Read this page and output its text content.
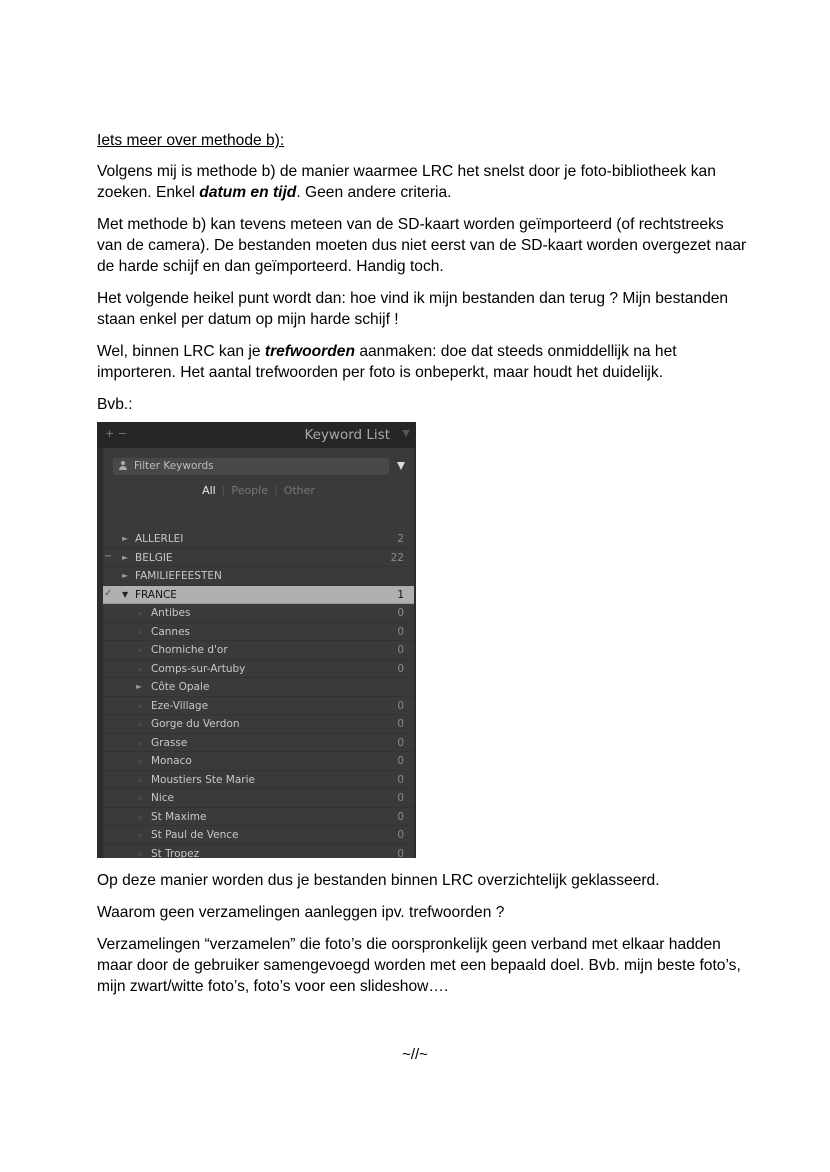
Iets meer over methode b):

Volgens mij is methode b) de manier waarmee LRC het snelst door je foto-bibliotheek kan zoeken. Enkel datum en tijd. Geen andere criteria.

Met methode b) kan tevens meteen van de SD-kaart worden geïmporteerd (of rechtstreeks van de camera). De bestanden moeten dus niet eerst van de SD-kaart worden overgezet naar de harde schijf en dan geïmporteerd. Handig toch.

Het volgende heikel punt wordt dan: hoe vind ik mijn bestanden dan terug ? Mijn bestanden staan enkel per datum op mijn harde schijf !

Wel, binnen LRC kan je trefwoorden aanmaken: doe dat steeds onmiddellijk na het importeren. Het aantal trefwoorden per foto is onbeperkt, maar houdt het duidelijk.

Bvb.:

+ −	Keyword List
Filter Keywords
All | People | Other
► ALLERLEI	2
− ► BELGIE	22
► FAMILIEFEESTEN
✓ ▼ FRANCE	1
Antibes	0
Cannes	0
Chorniche d'or	0
Comps-sur-Artuby	0
► Côte Opale
Eze-Village	0
Gorge du Verdon	0
Grasse	0
Monaco	0
Moustiers Ste Marie	0
Nice	0
St Maxime	0
St Paul de Vence	0
St Tropez	0

Op deze manier worden dus je bestanden binnen LRC overzichtelijk geklasseerd.

Waarom geen verzamelingen aanleggen ipv. trefwoorden ?

Verzamelingen “verzamelen” die foto’s die oorspronkelijk geen verband met elkaar hadden maar door de gebruiker samengevoegd worden met een bepaald doel. Bvb. mijn beste foto’s, mijn zwart/witte foto’s, foto’s voor een slideshow….

~//~
